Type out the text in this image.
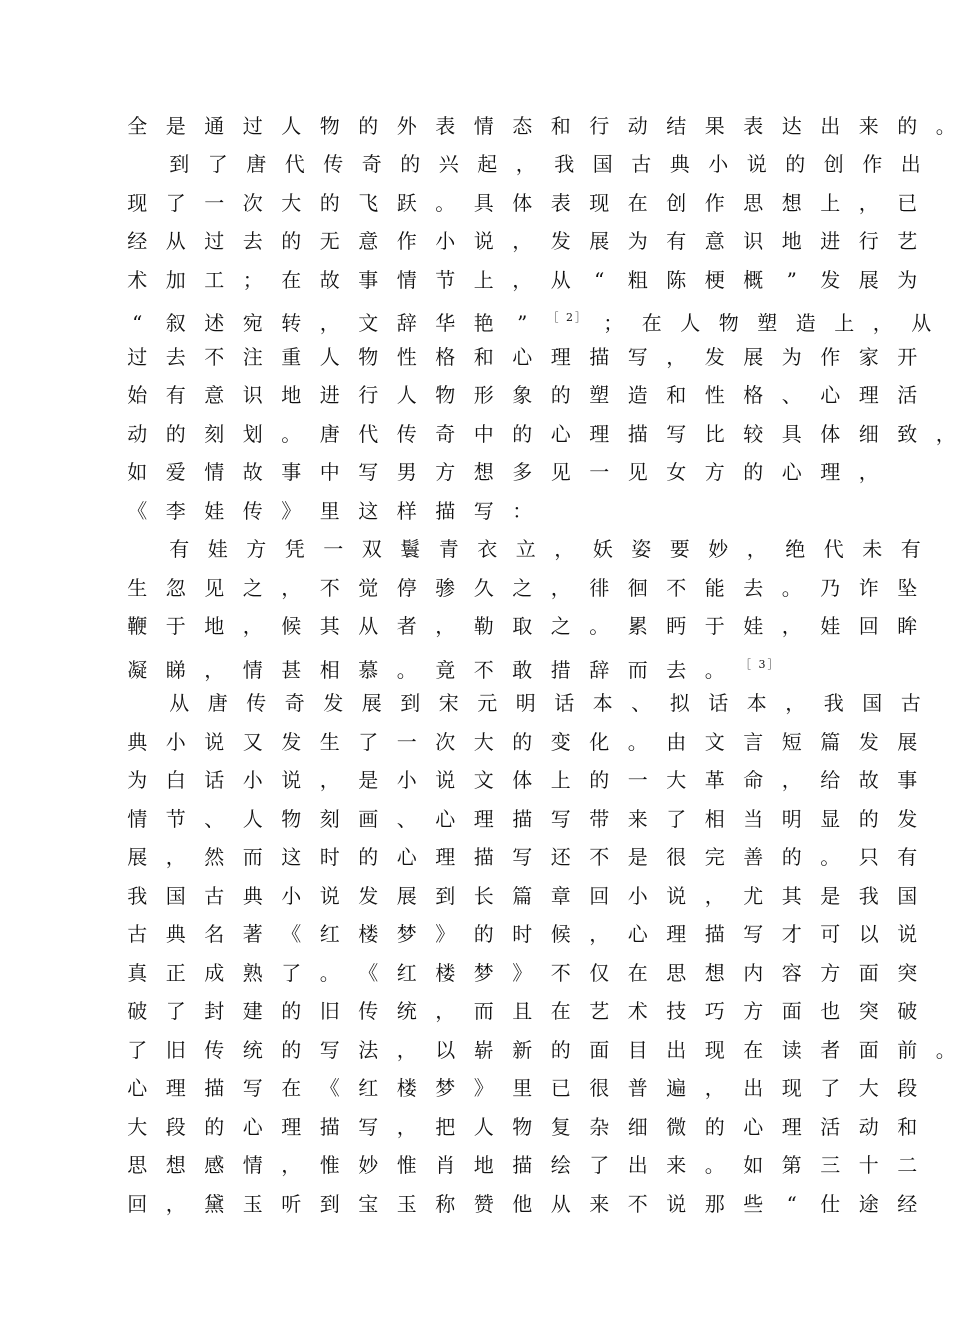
全 是 通 过 人 物 的 外 表 情 态 和 行 动 结 果 表 达 出 来 的 。
到 了 唐 代 传 奇 的 兴 起 ， 我 国 古 典 小 说 的 创 作 出
现 了 一 次 大 的 飞 跃 。 具 体 表 现 在 创 作 思 想 上 ， 已
经 从 过 去 的 无 意 作 小 说 ， 发 展 为 有 意 识 地 进 行 艺
术 加 工 ； 在 故 事 情 节 上 ， 从 “ 粗 陈 梗 概 ” 发 展 为
“ 叙 述 宛 转 ， 文 辞 华 艳 ” $^{[ 2]}$ ； 在 人 物 塑 造 上 ， 从
过 去 不 注 重 人 物 性 格 和 心 理 描 写 ， 发 展 为 作 家 开
始 有 意 识 地 进 行 人 物 形 象 的 塑 造 和 性 格 、 心 理 活
动 的 刻 划 。 唐 代 传 奇 中 的 心 理 描 写 比 较 具 体 细 致 ，
如 爱 情 故 事 中 写 男 方 想 多 见 一 见 女 方 的 心 理 ，
《 李 娃 传 》 里 这 样 描 写 ：
有 娃 方 凭 一 双 鬟 青 衣 立 ， 妖 姿 要 妙 ， 绝 代 未 有
生 忽 见 之 ， 不 觉 停 骖 久 之 ， 徘 徊 不 能 去 。 乃 诈 坠
鞭 于 地 ， 候 其 从 者 ， 勒 取 之 。 累 眄 于 娃 ， 娃 回 眸
凝 睇 ， 情 甚 相 慕 。 竟 不 敢 措 辞 而 去 。 $^{[ 3]}$
从 唐 传 奇 发 展 到 宋 元 明 话 本 、 拟 话 本 ， 我 国 古
典 小 说 又 发 生 了 一 次 大 的 变 化 。 由 文 言 短 篇 发 展
为 白 话 小 说 ， 是 小 说 文 体 上 的 一 大 革 命 ， 给 故 事
情 节 、 人 物 刻 画 、 心 理 描 写 带 来 了 相 当 明 显 的 发
展 ， 然 而 这 时 的 心 理 描 写 还 不 是 很 完 善 的 。 只 有
我 国 古 典 小 说 发 展 到 长 篇 章 回 小 说 ， 尤 其 是 我 国
古 典 名 著 《 红 楼 梦 》 的 时 候 ， 心 理 描 写 才 可 以 说
真 正 成 熟 了 。 《 红 楼 梦 》 不 仅 在 思 想 内 容 方 面 突
破 了 封 建 的 旧 传 统 ， 而 且 在 艺 术 技 巧 方 面 也 突 破
了 旧 传 统 的 写 法 ， 以 崭 新 的 面 目 出 现 在 读 者 面 前 。
心 理 描 写 在 《 红 楼 梦 》 里 已 很 普 遍 ， 出 现 了 大 段
大 段 的 心 理 描 写 ， 把 人 物 复 杂 细 微 的 心 理 活 动 和
思 想 感 情 ， 惟 妙 惟 肖 地 描 绘 了 出 来 。 如 第 三 十 二
回 ， 黛 玉 听 到 宝 玉 称 赞 他 从 来 不 说 那 些 “ 仕 途 经
